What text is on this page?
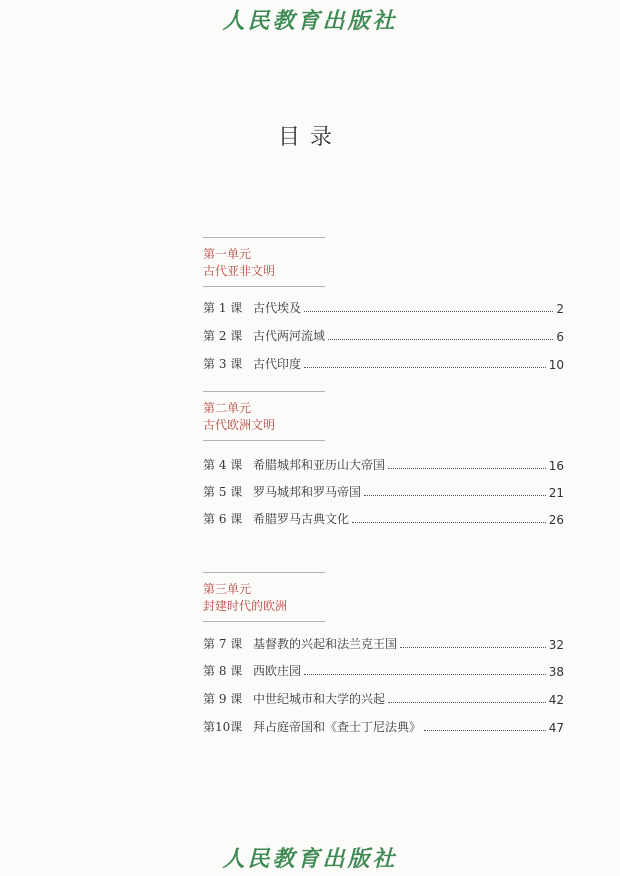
人民教育出版社
目录
第一单元
古代亚非文明
第 1 课 古代埃及	2
第 2 课 古代两河流域	6
第 3 课 古代印度	10
第二单元
古代欧洲文明
第 4 课 希腊城邦和亚历山大帝国	16
第 5 课 罗马城邦和罗马帝国	21
第 6 课 希腊罗马古典文化	26
第三单元
封建时代的欧洲
第 7 课 基督教的兴起和法兰克王国	32
第 8 课 西欧庄园	38
第 9 课 中世纪城市和大学的兴起	42
第10课 拜占庭帝国和《查士丁尼法典》	47
人民教育出版社
